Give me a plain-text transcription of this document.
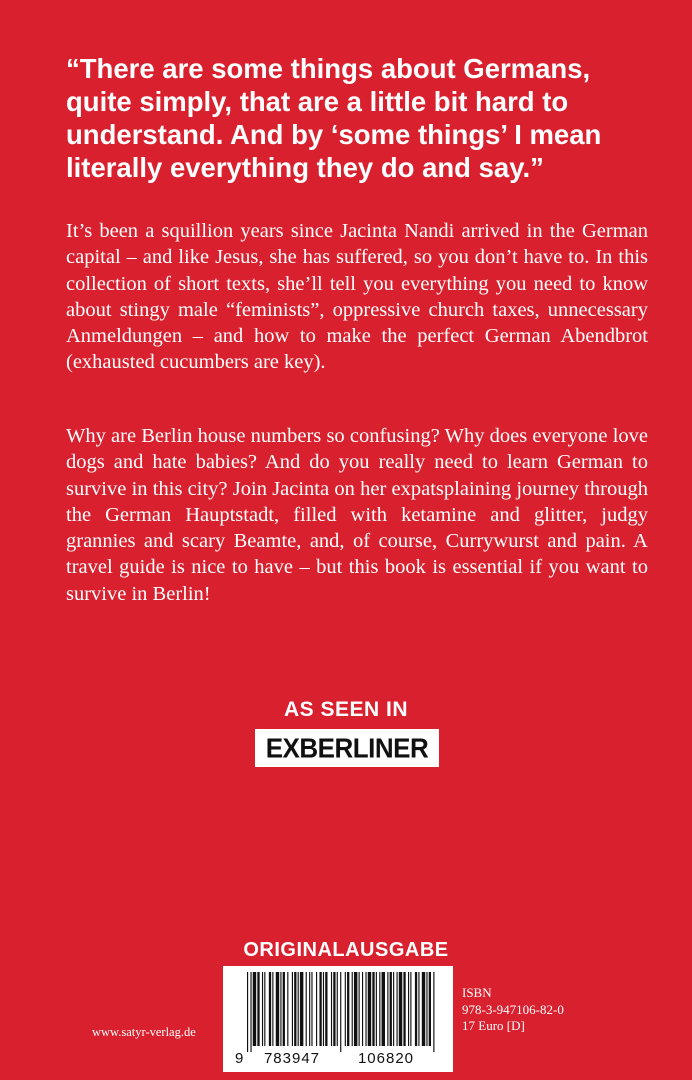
“There are some things about Germans, quite simply, that are a little bit hard to understand. And by ‘some things’ I mean literally everything they do and say.”

It’s been a squillion years since Jacinta Nandi arrived in the German capital – and like Jesus, she has suffered, so you don’t have to. In this collection of short texts, she’ll tell you everything you need to know about stingy male “feminists”, oppressive church taxes, unnecessary Anmeldungen – and how to make the perfect German Abendbrot (exhausted cucumbers are key).

Why are Berlin house numbers so confusing? Why does everyone love dogs and hate babies? And do you really need to learn German to survive in this city? Join Jacinta on her expatsplaining journey through the German Hauptstadt, filled with ketamine and glitter, judgy grannies and scary Beamte, and, of course, Currywurst and pain. A travel guide is nice to have – but this book is essential if you want to survive in Berlin!

AS SEEN IN
EXBERLINER
ORIGINALAUSGABE
www.satyr-verlag.de
9 783947	106820
ISBN
978-3-947106-82-0
17 Euro [D]
